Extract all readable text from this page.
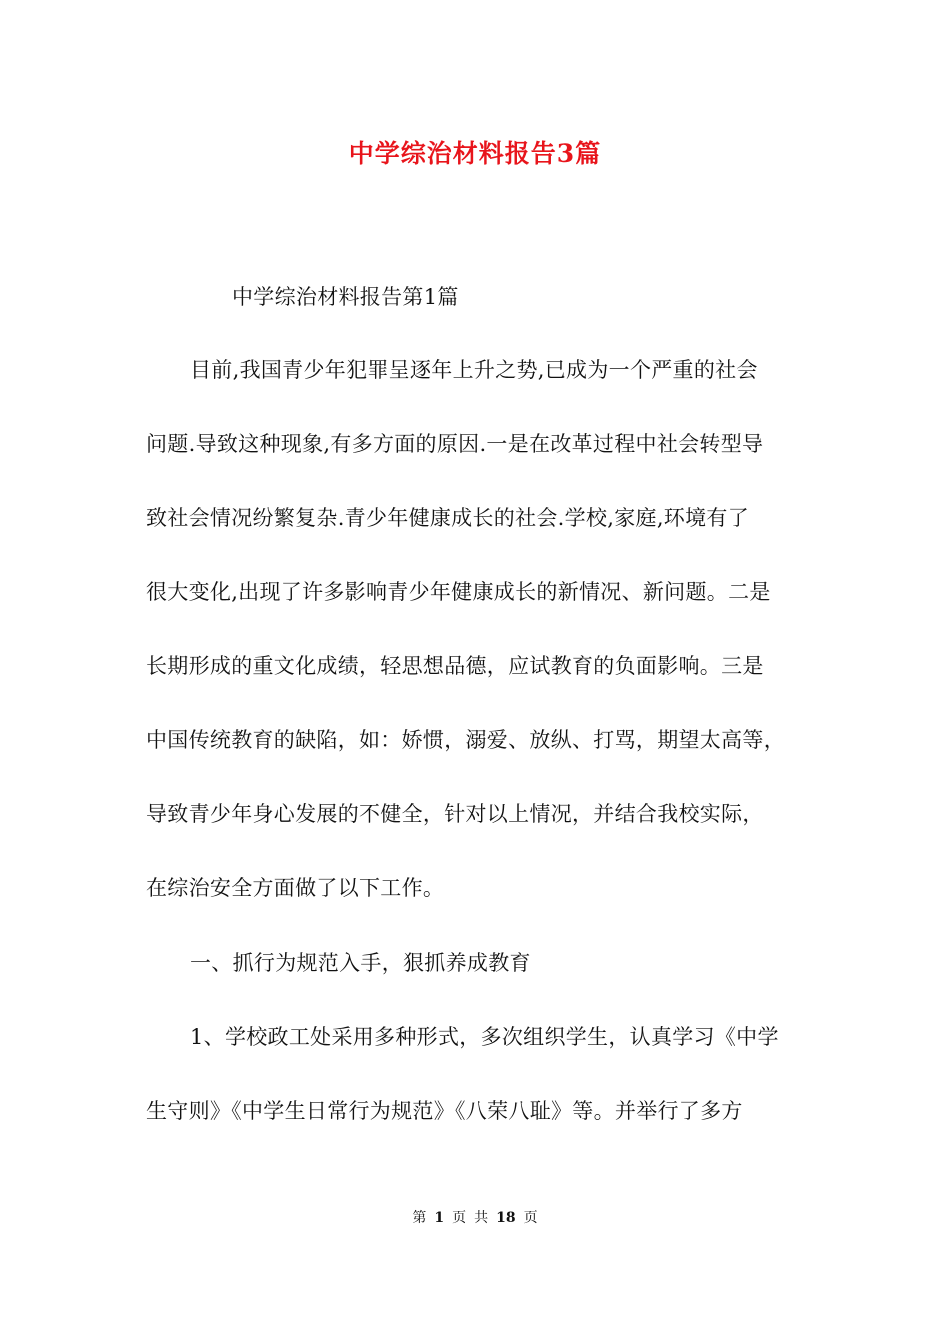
中学综治材料报告3篇
中学综治材料报告第1篇
目前,我国青少年犯罪呈逐年上升之势,已成为一个严重的社会
问题.导致这种现象,有多方面的原因.一是在改革过程中社会转型导
致社会情况纷繁复杂.青少年健康成长的社会.学校,家庭,环境有了
很大变化,出现了许多影响青少年健康成长的新情况、新问题。二是
长期形成的重文化成绩，轻思想品德，应试教育的负面影响。三是
中国传统教育的缺陷，如：娇惯，溺爱、放纵、打骂，期望太高等，
导致青少年身心发展的不健全，针对以上情况，并结合我校实际，
在综治安全方面做了以下工作。
一、抓行为规范入手，狠抓养成教育
1、学校政工处采用多种形式，多次组织学生，认真学习《中学
生守则》《中学生日常行为规范》《八荣八耻》等。并举行了多方
第 1 页 共 18 页
